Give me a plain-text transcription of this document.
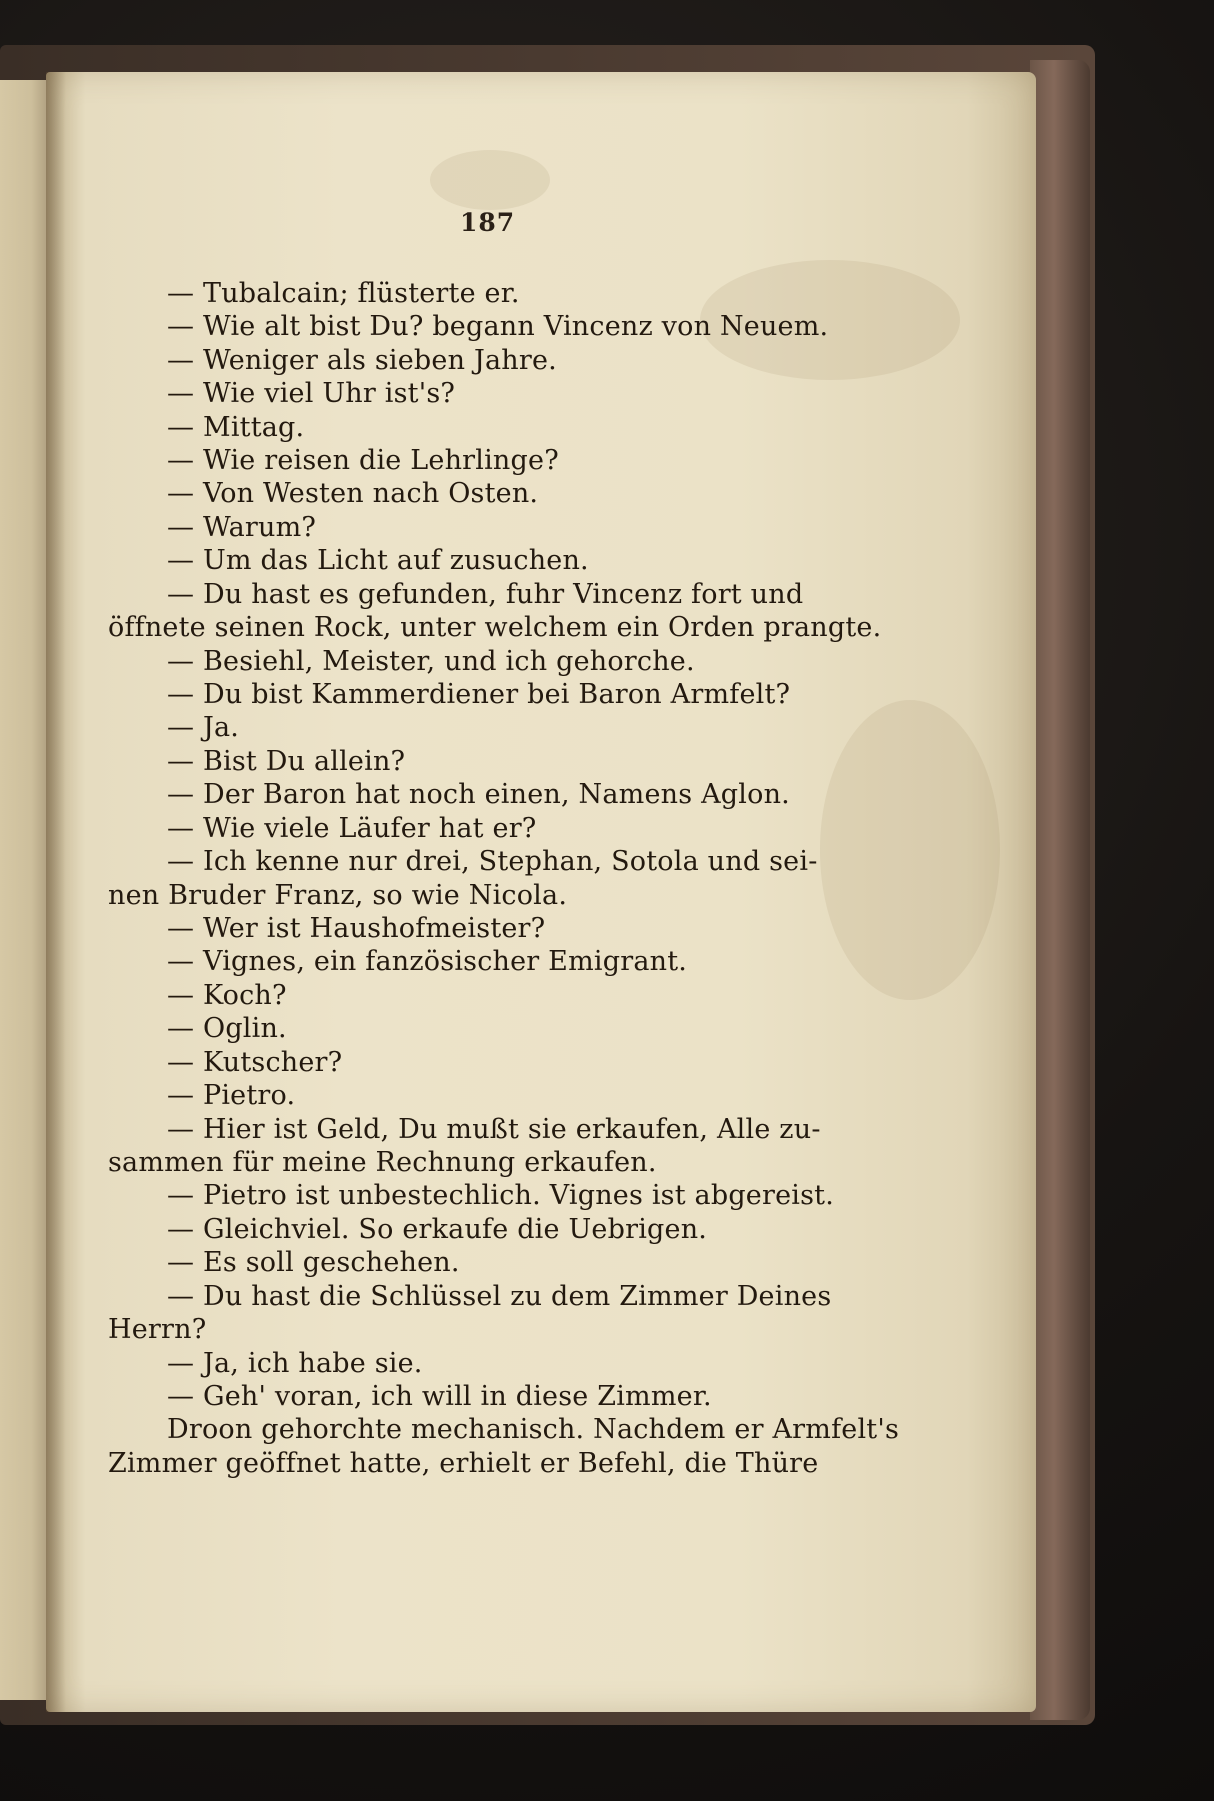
187
— Tubalcain; flüsterte er.
— Wie alt bist Du? begann Vincenz von Neuem.
— Weniger als sieben Jahre.
— Wie viel Uhr ist's?
— Mittag.
— Wie reisen die Lehrlinge?
— Von Westen nach Osten.
— Warum?
— Um das Licht auf zusuchen.
— Du hast es gefunden, fuhr Vincenz fort und
öffnete seinen Rock, unter welchem ein Orden prangte.
— Besiehl, Meister, und ich gehorche.
— Du bist Kammerdiener bei Baron Armfelt?
— Ja.
— Bist Du allein?
— Der Baron hat noch einen, Namens Aglon.
— Wie viele Läufer hat er?
— Ich kenne nur drei, Stephan, Sotola und sei-
nen Bruder Franz, so wie Nicola.
— Wer ist Haushofmeister?
— Vignes, ein fanzösischer Emigrant.
— Koch?
— Oglin.
— Kutscher?
— Pietro.
— Hier ist Geld, Du mußt sie erkaufen, Alle zu-
sammen für meine Rechnung erkaufen.
— Pietro ist unbestechlich. Vignes ist abgereist.
— Gleichviel. So erkaufe die Uebrigen.
— Es soll geschehen.
— Du hast die Schlüssel zu dem Zimmer Deines
Herrn?
— Ja, ich habe sie.
— Geh' voran, ich will in diese Zimmer.
Droon gehorchte mechanisch. Nachdem er Armfelt's
Zimmer geöffnet hatte, erhielt er Befehl, die Thüre
